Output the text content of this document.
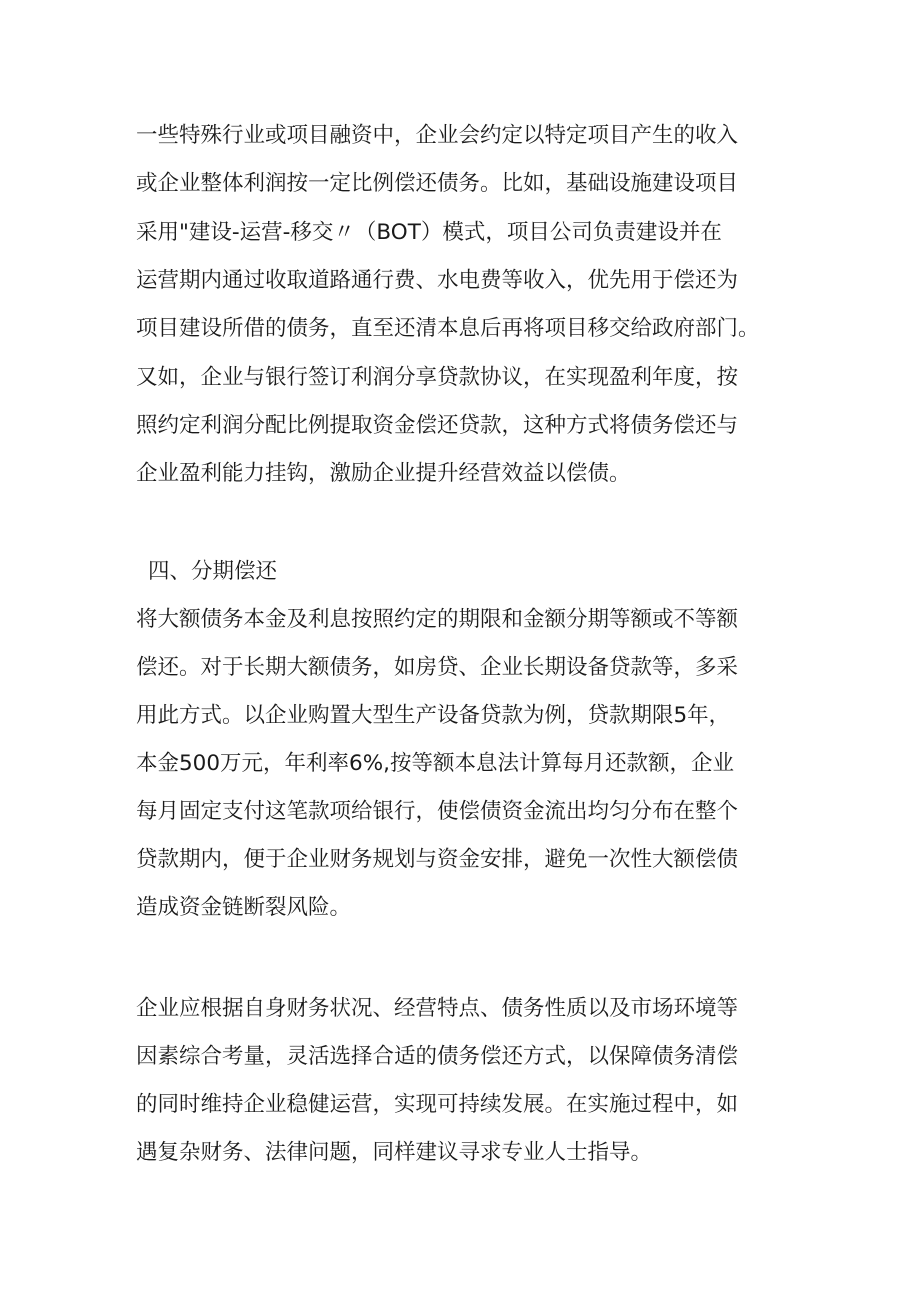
一些特殊行业或项目融资中，企业会约定以特定项目产生的收入

或企业整体利润按一定比例偿还债务。比如，基础设施建设项目

采用"建设-运营-移交〃（BOT）模式，项目公司负责建设并在

运营期内通过收取道路通行费、水电费等收入，优先用于偿还为

项目建设所借的债务，直至还清本息后再将项目移交给政府部门。

又如，企业与银行签订利润分享贷款协议，在实现盈利年度，按

照约定利润分配比例提取资金偿还贷款，这种方式将债务偿还与

企业盈利能力挂钩，激励企业提升经营效益以偿债。

四、分期偿还

将大额债务本金及利息按照约定的期限和金额分期等额或不等额

偿还。对于长期大额债务，如房贷、企业长期设备贷款等，多采

用此方式。以企业购置大型生产设备贷款为例，贷款期限5年，

本金500万元，年利率6%,按等额本息法计算每月还款额，企业

每月固定支付这笔款项给银行，使偿债资金流出均匀分布在整个

贷款期内，便于企业财务规划与资金安排，避免一次性大额偿债

造成资金链断裂风险。

企业应根据自身财务状况、经营特点、债务性质以及市场环境等

因素综合考量，灵活选择合适的债务偿还方式，以保障债务清偿

的同时维持企业稳健运营，实现可持续发展。在实施过程中，如

遇复杂财务、法律问题，同样建议寻求专业人士指导。
